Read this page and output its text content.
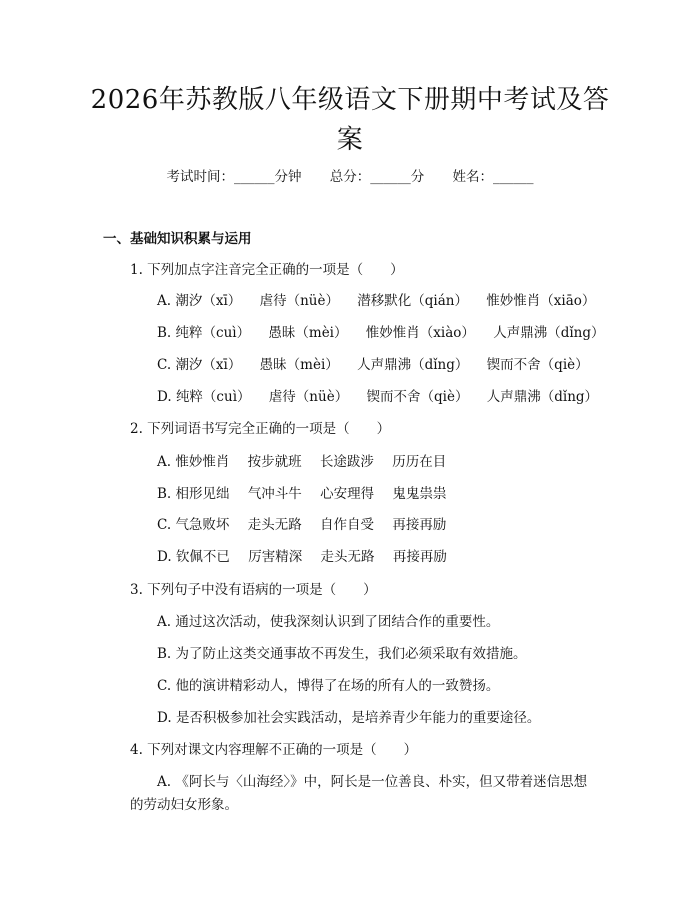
2026年苏教版八年级语文下册期中考试及答案
考试时间：______分钟 总分：______分 姓名：______
一、基础知识积累与运用
1. 下列加点字注音完全正确的一项是（　　）
A. 潮汐（xī） 虐待（nüè） 潜移默化（qián） 惟妙惟肖（xiāo）
B. 纯粹（cuì） 愚昧（mèi） 惟妙惟肖（xiào） 人声鼎沸（dǐng）
C. 潮汐（xī） 愚昧（mèi） 人声鼎沸（dǐng） 锲而不舍（qiè）
D. 纯粹（cuì） 虐待（nüè） 锲而不舍（qiè） 人声鼎沸（dǐng）
2. 下列词语书写完全正确的一项是（　　）
A. 惟妙惟肖 按步就班 长途跋涉 历历在目
B. 相形见绌 气冲斗牛 心安理得 鬼鬼祟祟
C. 气急败坏 走头无路 自作自受 再接再励
D. 钦佩不已 厉害精深 走头无路 再接再励
3. 下列句子中没有语病的一项是（　　）
A. 通过这次活动，使我深刻认识到了团结合作的重要性。
B. 为了防止这类交通事故不再发生，我们必须采取有效措施。
C. 他的演讲精彩动人，博得了在场的所有人的一致赞扬。
D. 是否积极参加社会实践活动，是培养青少年能力的重要途径。
4. 下列对课文内容理解不正确的一项是（　　）
A. 《阿长与〈山海经〉》中，阿长是一位善良、朴实，但又带着迷信思想的劳动妇女形象。
